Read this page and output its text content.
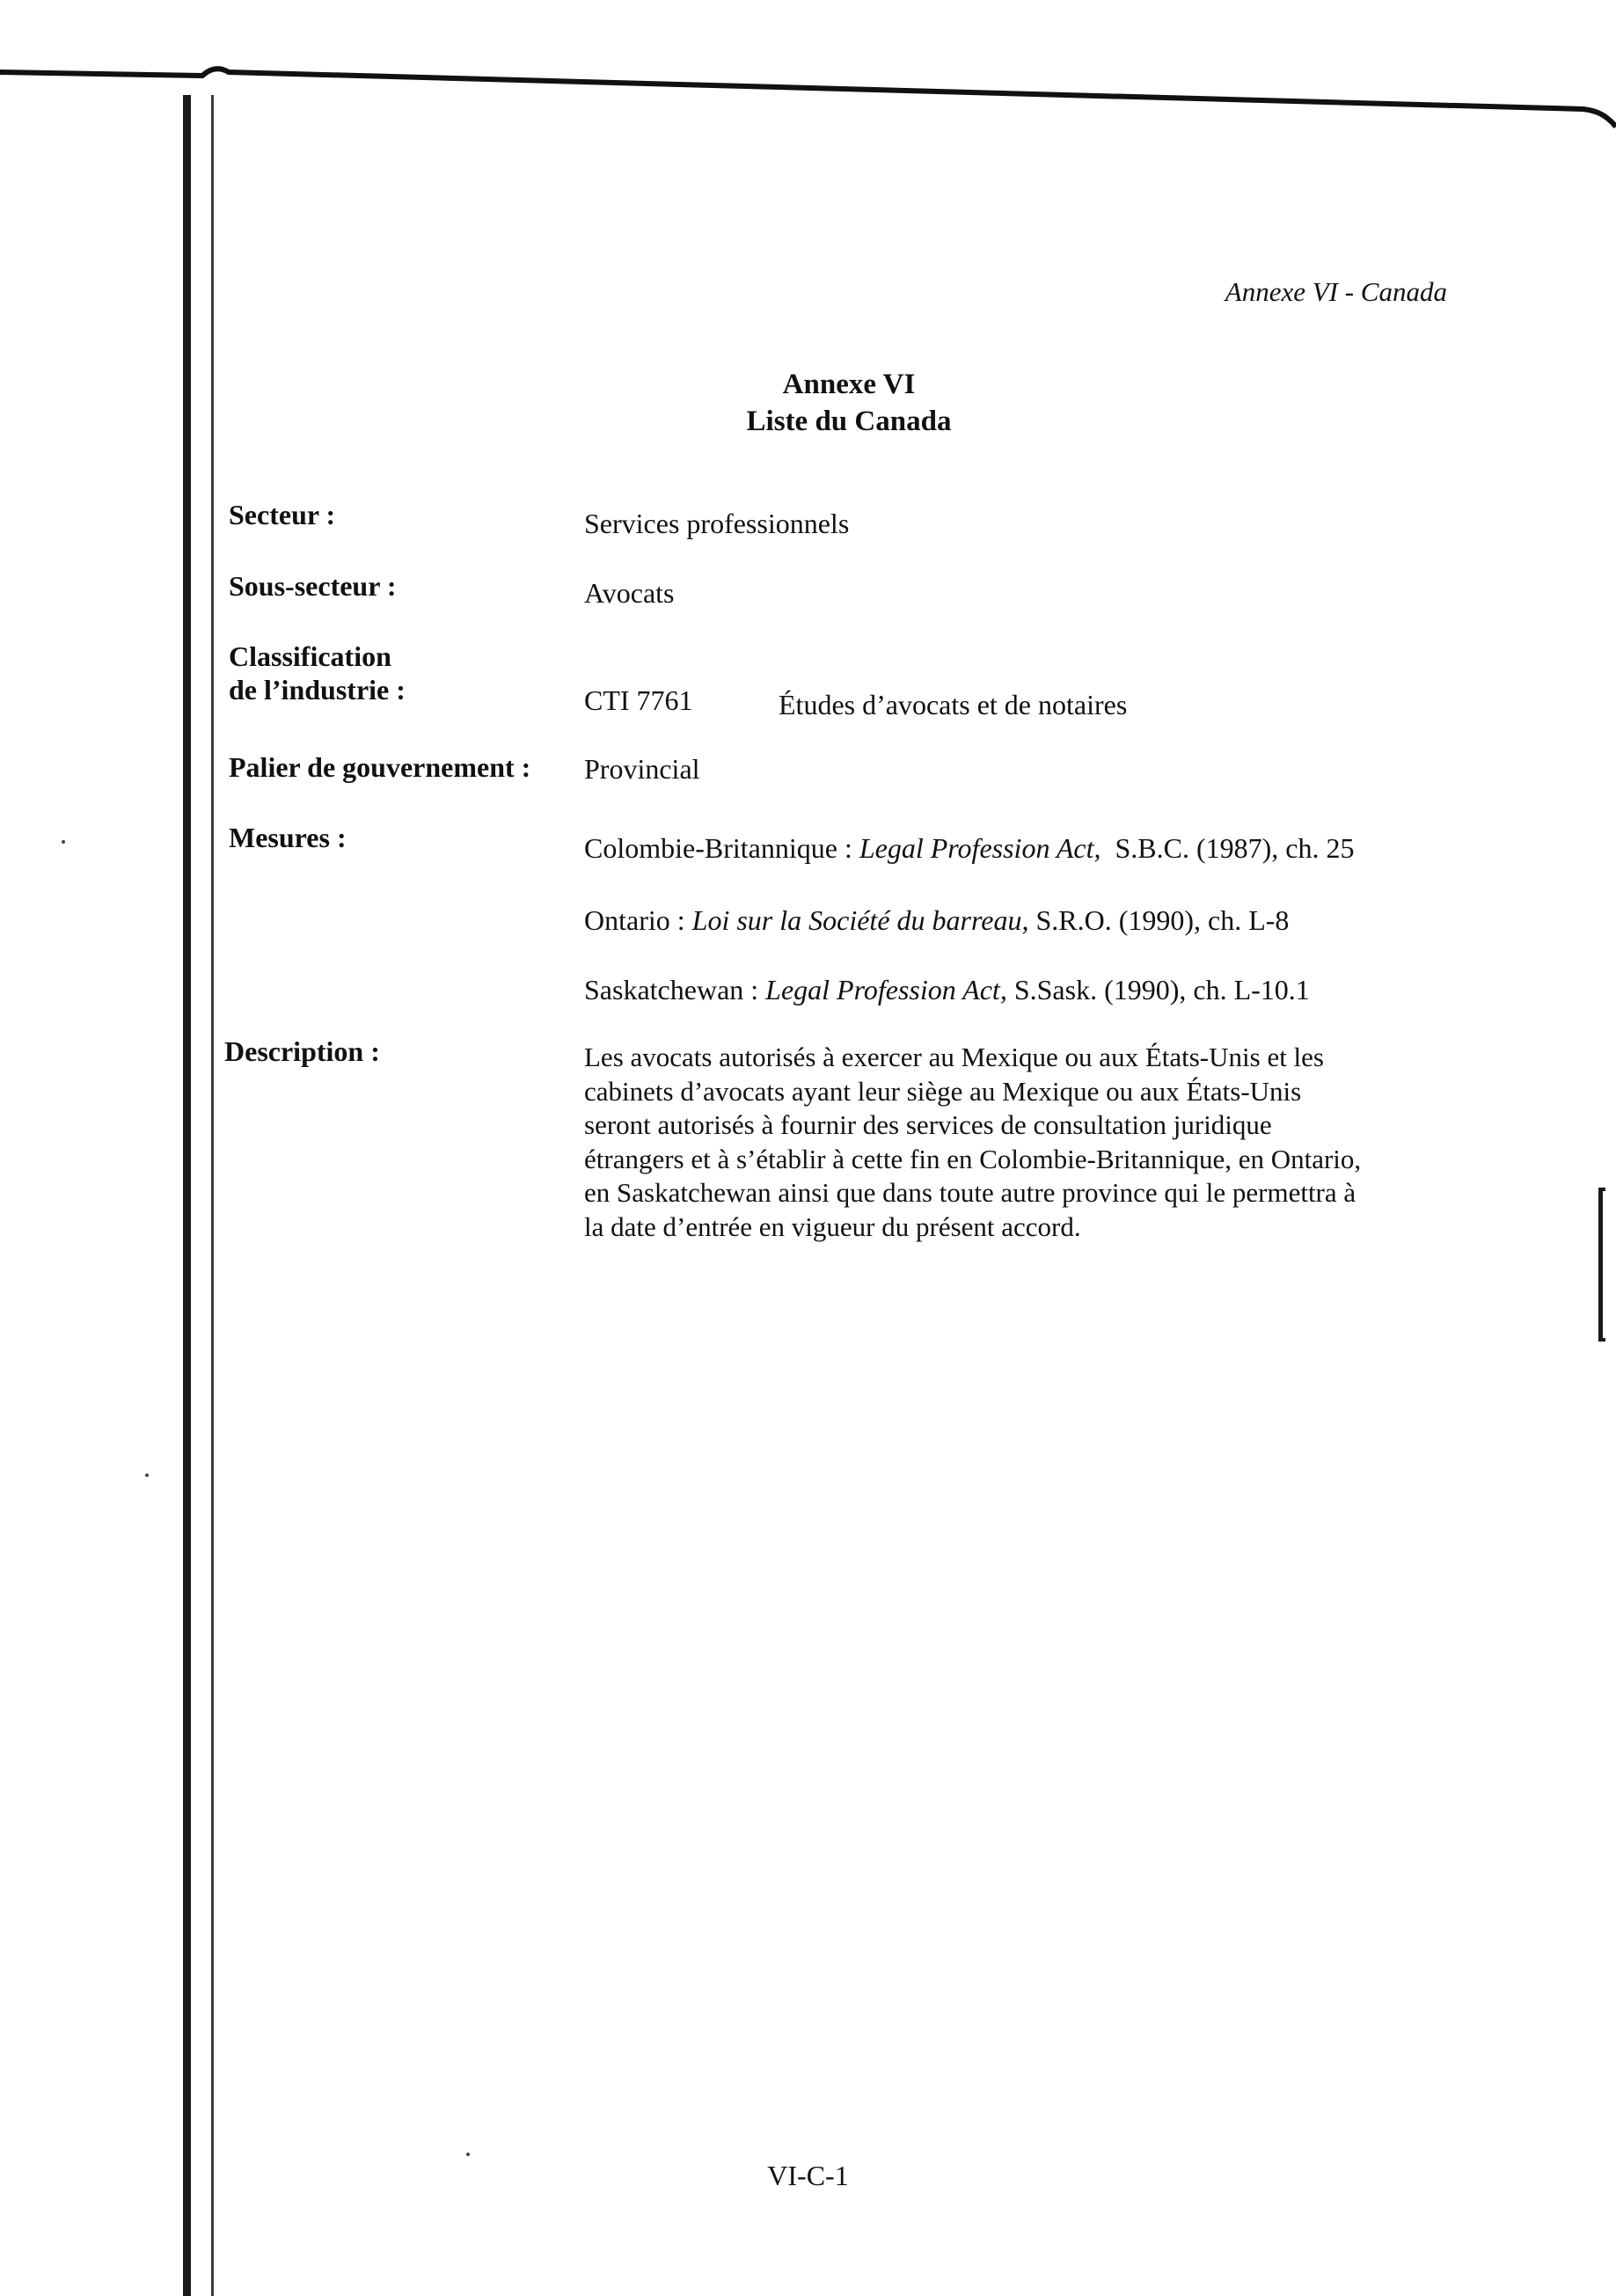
Annexe VI - Canada
Annexe VI
Liste du Canada
Secteur :	Services professionnels
Sous-secteur :	Avocats
Classification
de l’industrie :	CTI 7761	Études d’avocats et de notaires
Palier de gouvernement : Provincial
Mesures :	Colombie-Britannique : Legal Profession Act,  S.B.C. (1987), ch. 25
Ontario : Loi sur la Société du barreau, S.R.O. (1990), ch. L-8
Saskatchewan : Legal Profession Act, S.Sask. (1990), ch. L-10.1
Description :	Les avocats autorisés à exercer au Mexique ou aux États-Unis et les
cabinets d’avocats ayant leur siège au Mexique ou aux États-Unis
seront autorisés à fournir des services de consultation juridique
étrangers et à s’établir à cette fin en Colombie-Britannique, en Ontario,
en Saskatchewan ainsi que dans toute autre province qui le permettra à
la date d’entrée en vigueur du présent accord.
VI-C-1
